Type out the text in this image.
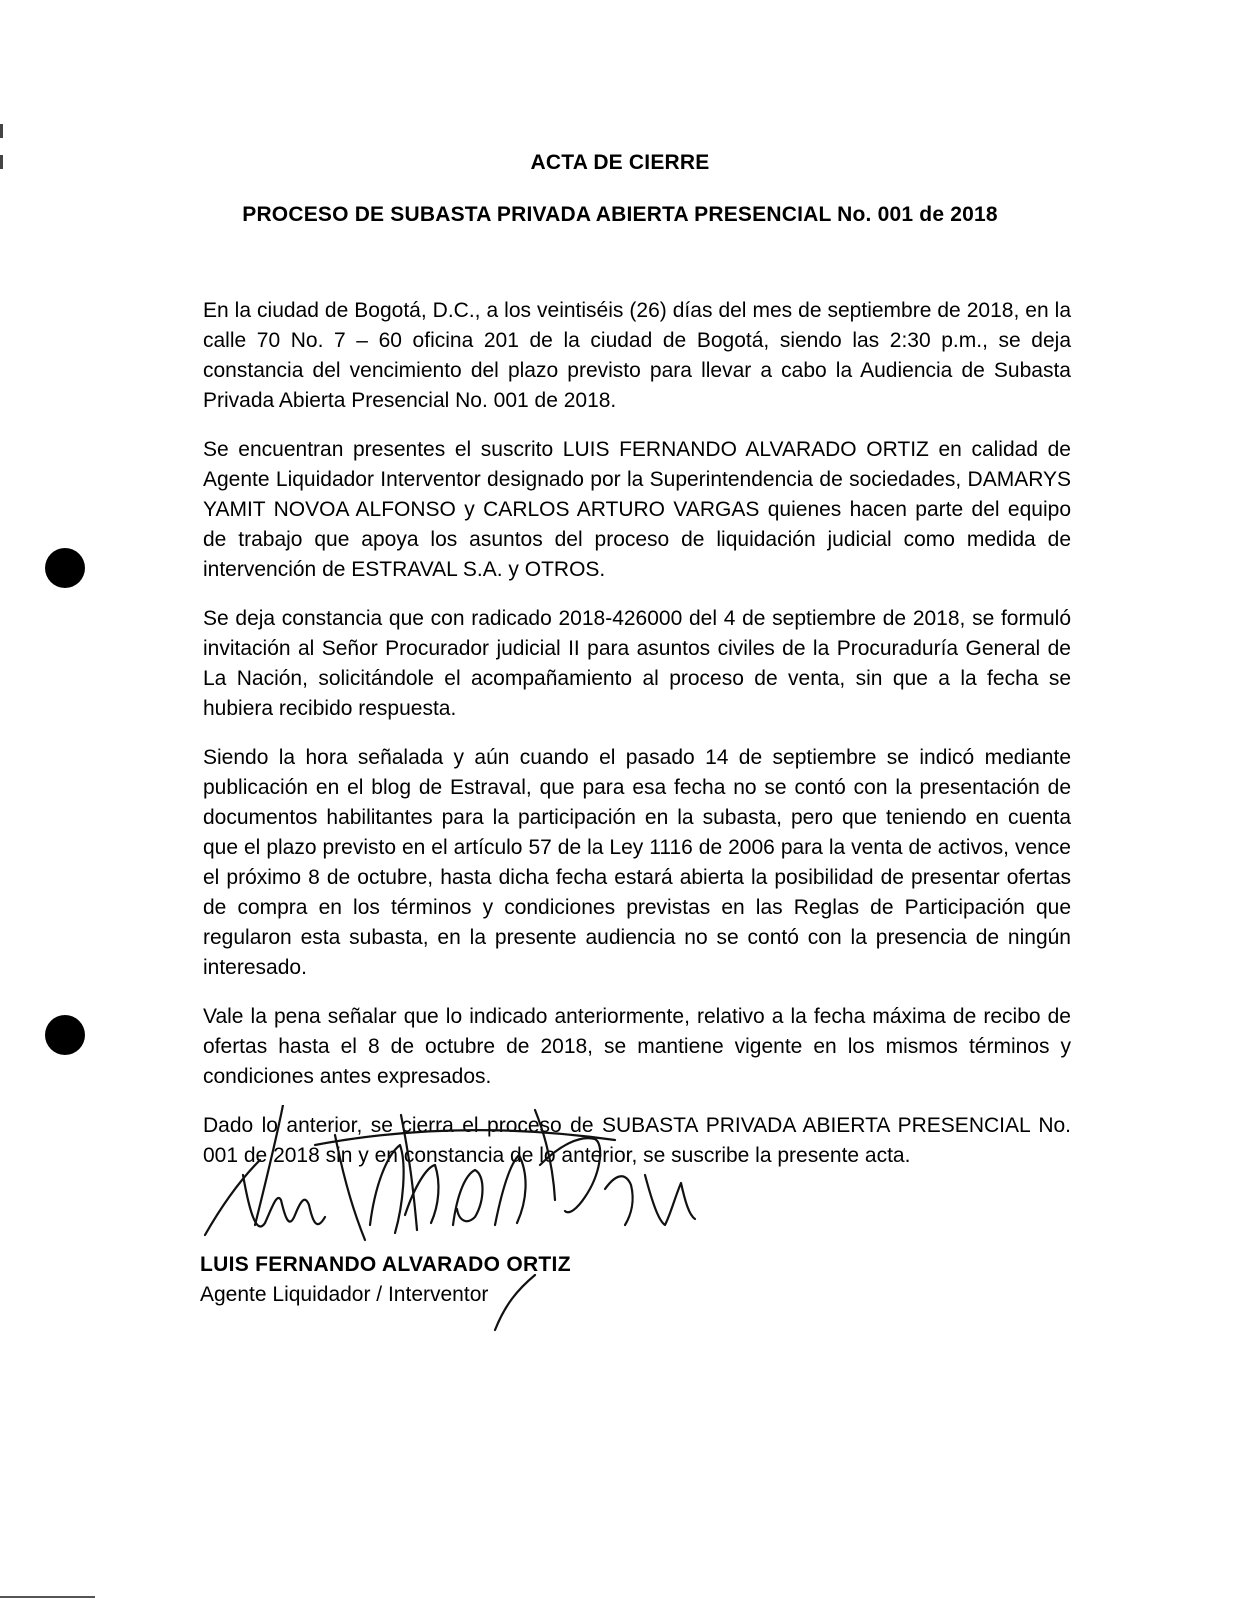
ACTA DE CIERRE
PROCESO DE SUBASTA PRIVADA ABIERTA PRESENCIAL No. 001 de 2018

En la ciudad de Bogotá, D.C., a los veintiséis (26) días del mes de septiembre de 2018, en la calle 70 No. 7 – 60 oficina 201 de la ciudad de Bogotá, siendo las 2:30 p.m., se deja constancia del vencimiento del plazo previsto para llevar a cabo la Audiencia de Subasta Privada Abierta Presencial No. 001 de 2018.

Se encuentran presentes el suscrito LUIS FERNANDO ALVARADO ORTIZ en calidad de Agente Liquidador Interventor designado por la Superintendencia de sociedades, DAMARYS YAMIT NOVOA ALFONSO y CARLOS ARTURO VARGAS quienes hacen parte del equipo de trabajo que apoya los asuntos del proceso de liquidación judicial como medida de intervención de ESTRAVAL S.A. y OTROS.

Se deja constancia que con radicado 2018-426000 del 4 de septiembre de 2018, se formuló invitación al Señor Procurador judicial II para asuntos civiles de la Procuraduría General de La Nación, solicitándole el acompañamiento al proceso de venta, sin que a la fecha se hubiera recibido respuesta.

Siendo la hora señalada y aún cuando el pasado 14 de septiembre se indicó mediante publicación en el blog de Estraval, que para esa fecha no se contó con la presentación de documentos habilitantes para la participación en la subasta, pero que teniendo en cuenta que el plazo previsto en el artículo 57 de la Ley 1116 de 2006 para la venta de activos, vence el próximo 8 de octubre, hasta dicha fecha estará abierta la posibilidad de presentar ofertas de compra en los términos y condiciones previstas en las Reglas de Participación que regularon esta subasta, en la presente audiencia no se contó con la presencia de ningún interesado.

Vale la pena señalar que lo indicado anteriormente, relativo a la fecha máxima de recibo de ofertas hasta el 8 de octubre de 2018, se mantiene vigente en los mismos términos y condiciones antes expresados.

Dado lo anterior, se cierra el proceso de SUBASTA PRIVADA ABIERTA PRESENCIAL No. 001 de 2018 sin y en constancia de lo anterior, se suscribe la presente acta.

LUIS FERNANDO ALVARADO ORTIZ
Agente Liquidador / Interventor
